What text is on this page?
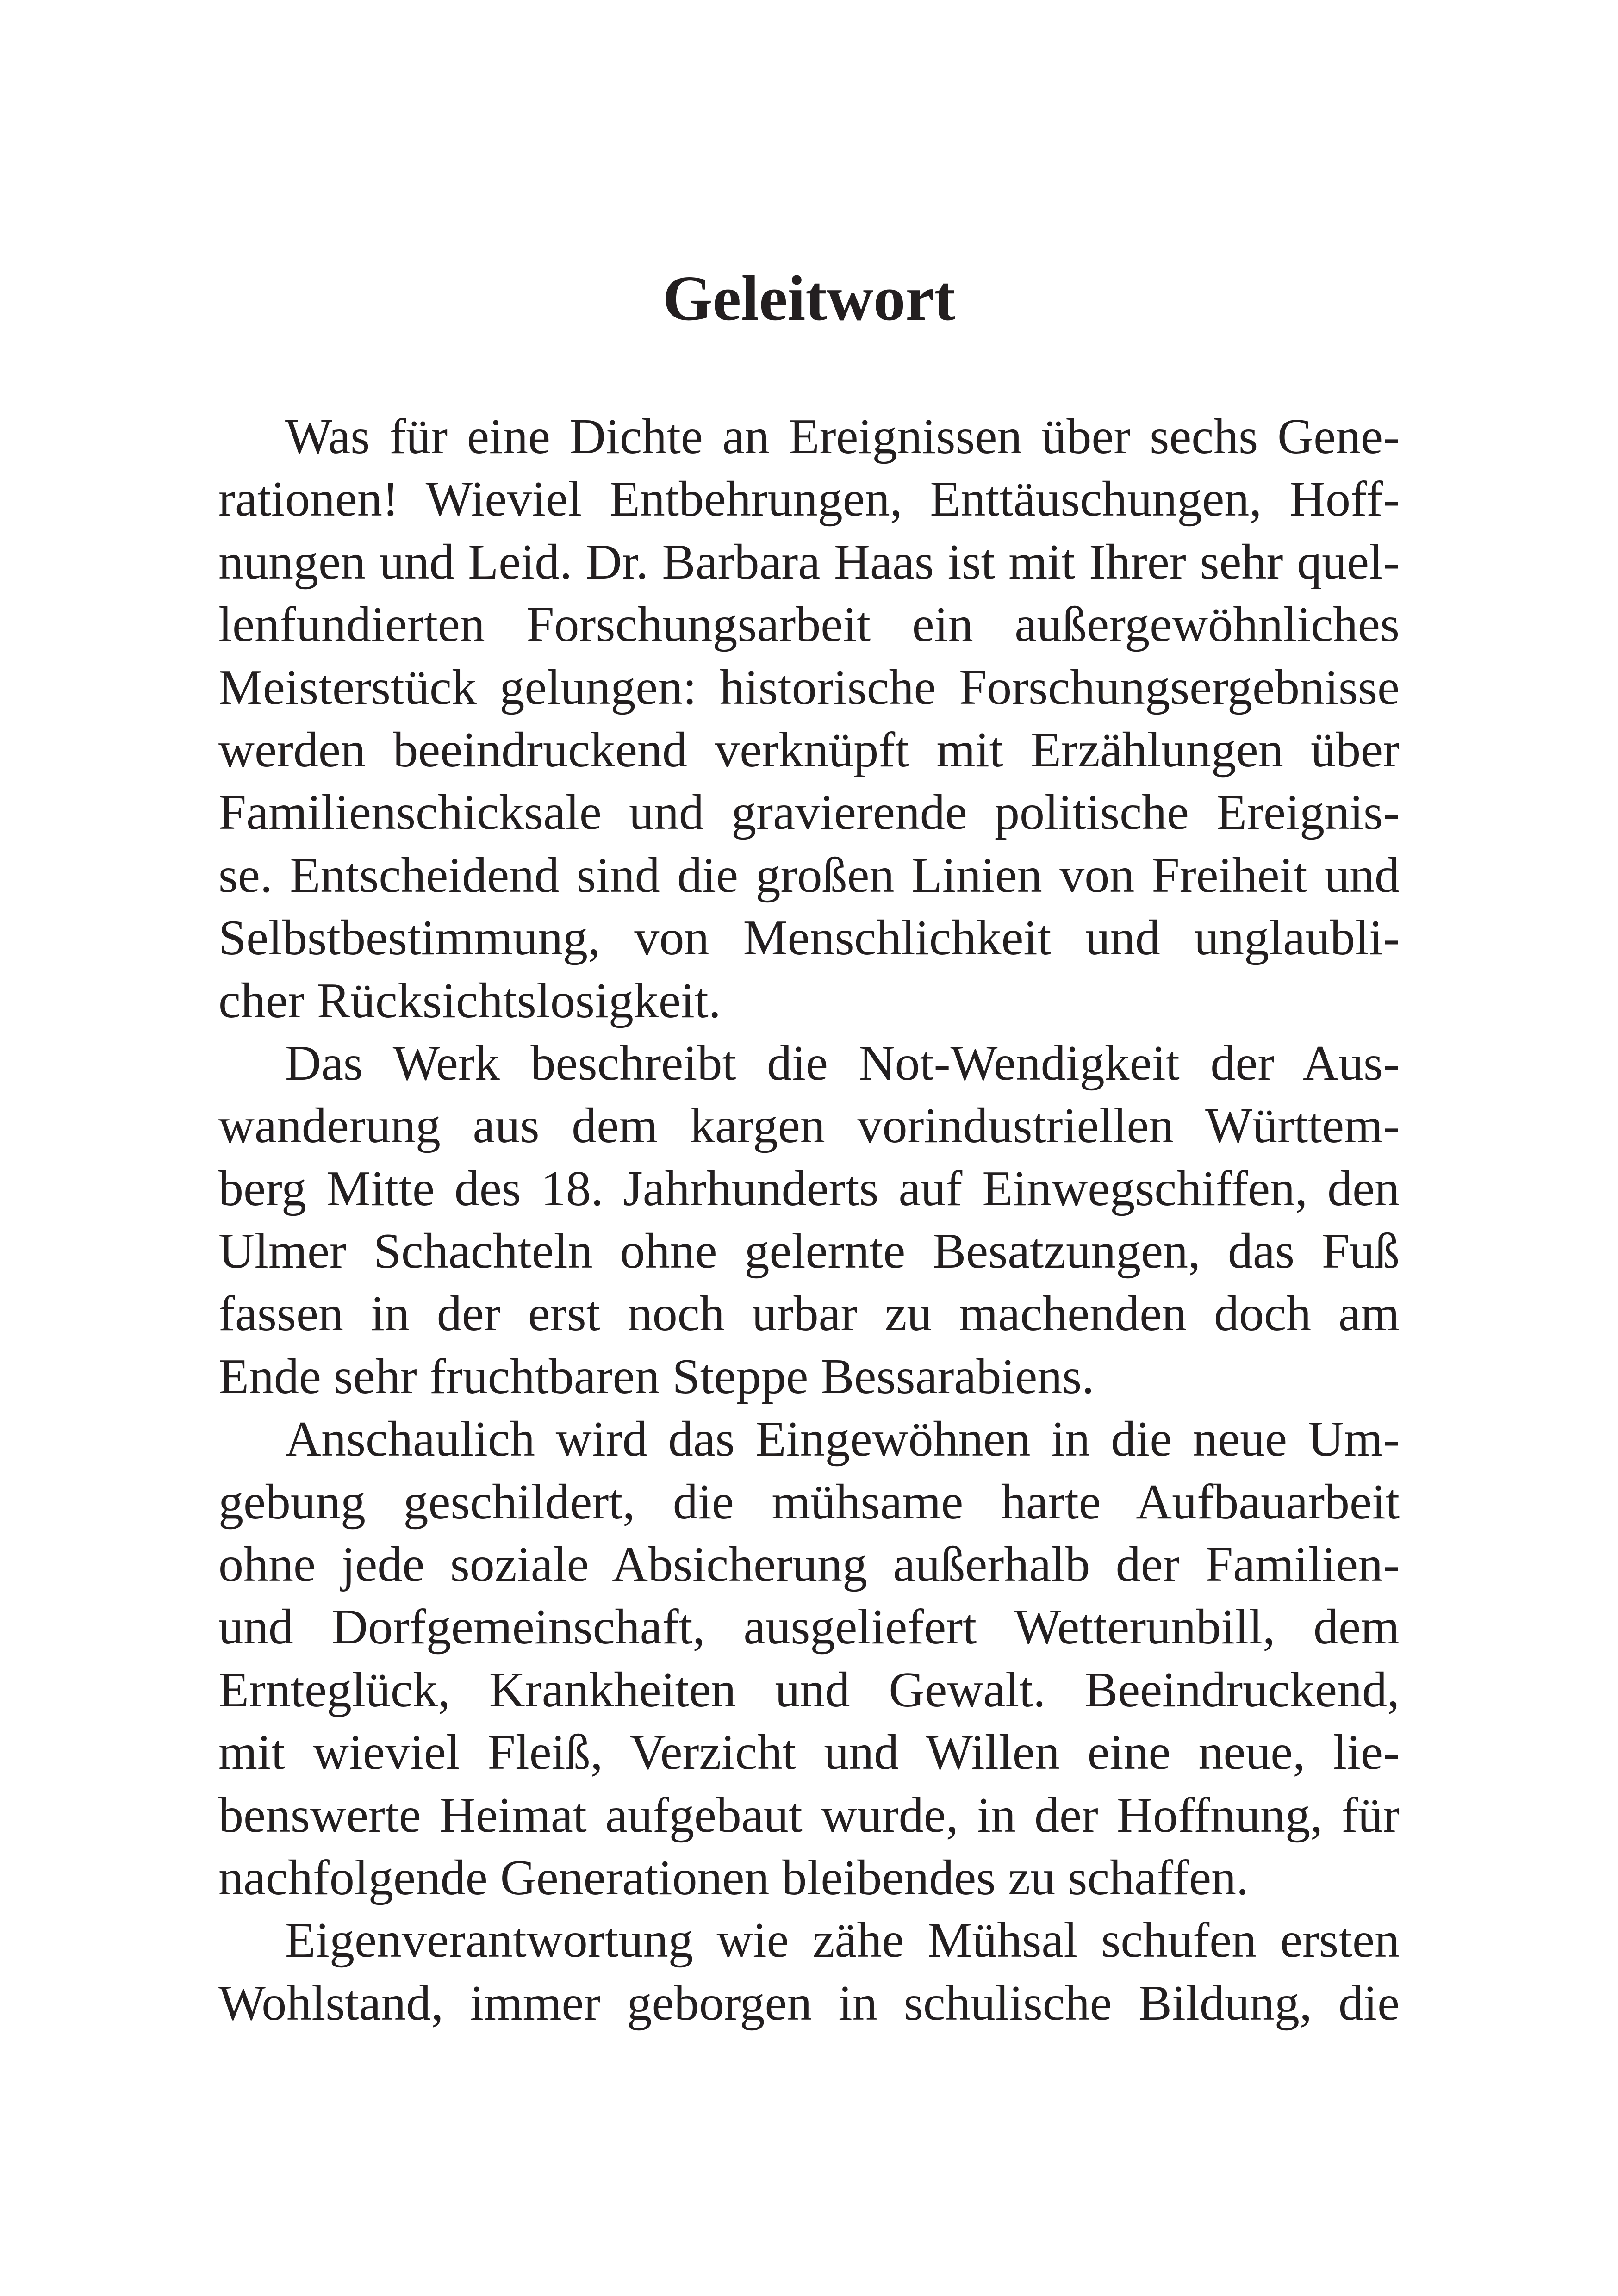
Geleitwort
Was für eine Dichte an Ereignissen über sechs Gene-
rationen! Wieviel Entbehrungen, Enttäuschungen, Hoff-
nungen und Leid. Dr. Barbara Haas ist mit Ihrer sehr quel-
lenfundierten Forschungsarbeit ein außergewöhnliches
Meisterstück gelungen: historische Forschungsergebnisse
werden beeindruckend verknüpft mit Erzählungen über
Familienschicksale und gravierende politische Ereignis-
se. Entscheidend sind die großen Linien von Freiheit und
Selbstbestimmung, von Menschlichkeit und unglaubli-
cher Rücksichtslosigkeit.
Das Werk beschreibt die Not-Wendigkeit der Aus-
wanderung aus dem kargen vorindustriellen Württem-
berg Mitte des 18. Jahrhunderts auf Einwegschiffen, den
Ulmer Schachteln ohne gelernte Besatzungen, das Fuß
fassen in der erst noch urbar zu machenden doch am
Ende sehr fruchtbaren Steppe Bessarabiens.
Anschaulich wird das Eingewöhnen in die neue Um-
gebung geschildert, die mühsame harte Aufbauarbeit
ohne jede soziale Absicherung außerhalb der Familien-
und Dorfgemeinschaft, ausgeliefert Wetterunbill, dem
Ernteglück, Krankheiten und Gewalt. Beeindruckend,
mit wieviel Fleiß, Verzicht und Willen eine neue, lie-
benswerte Heimat aufgebaut wurde, in der Hoffnung, für
nachfolgende Generationen bleibendes zu schaffen.
Eigenverantwortung wie zähe Mühsal schufen ersten
Wohlstand, immer geborgen in schulische Bildung, die
